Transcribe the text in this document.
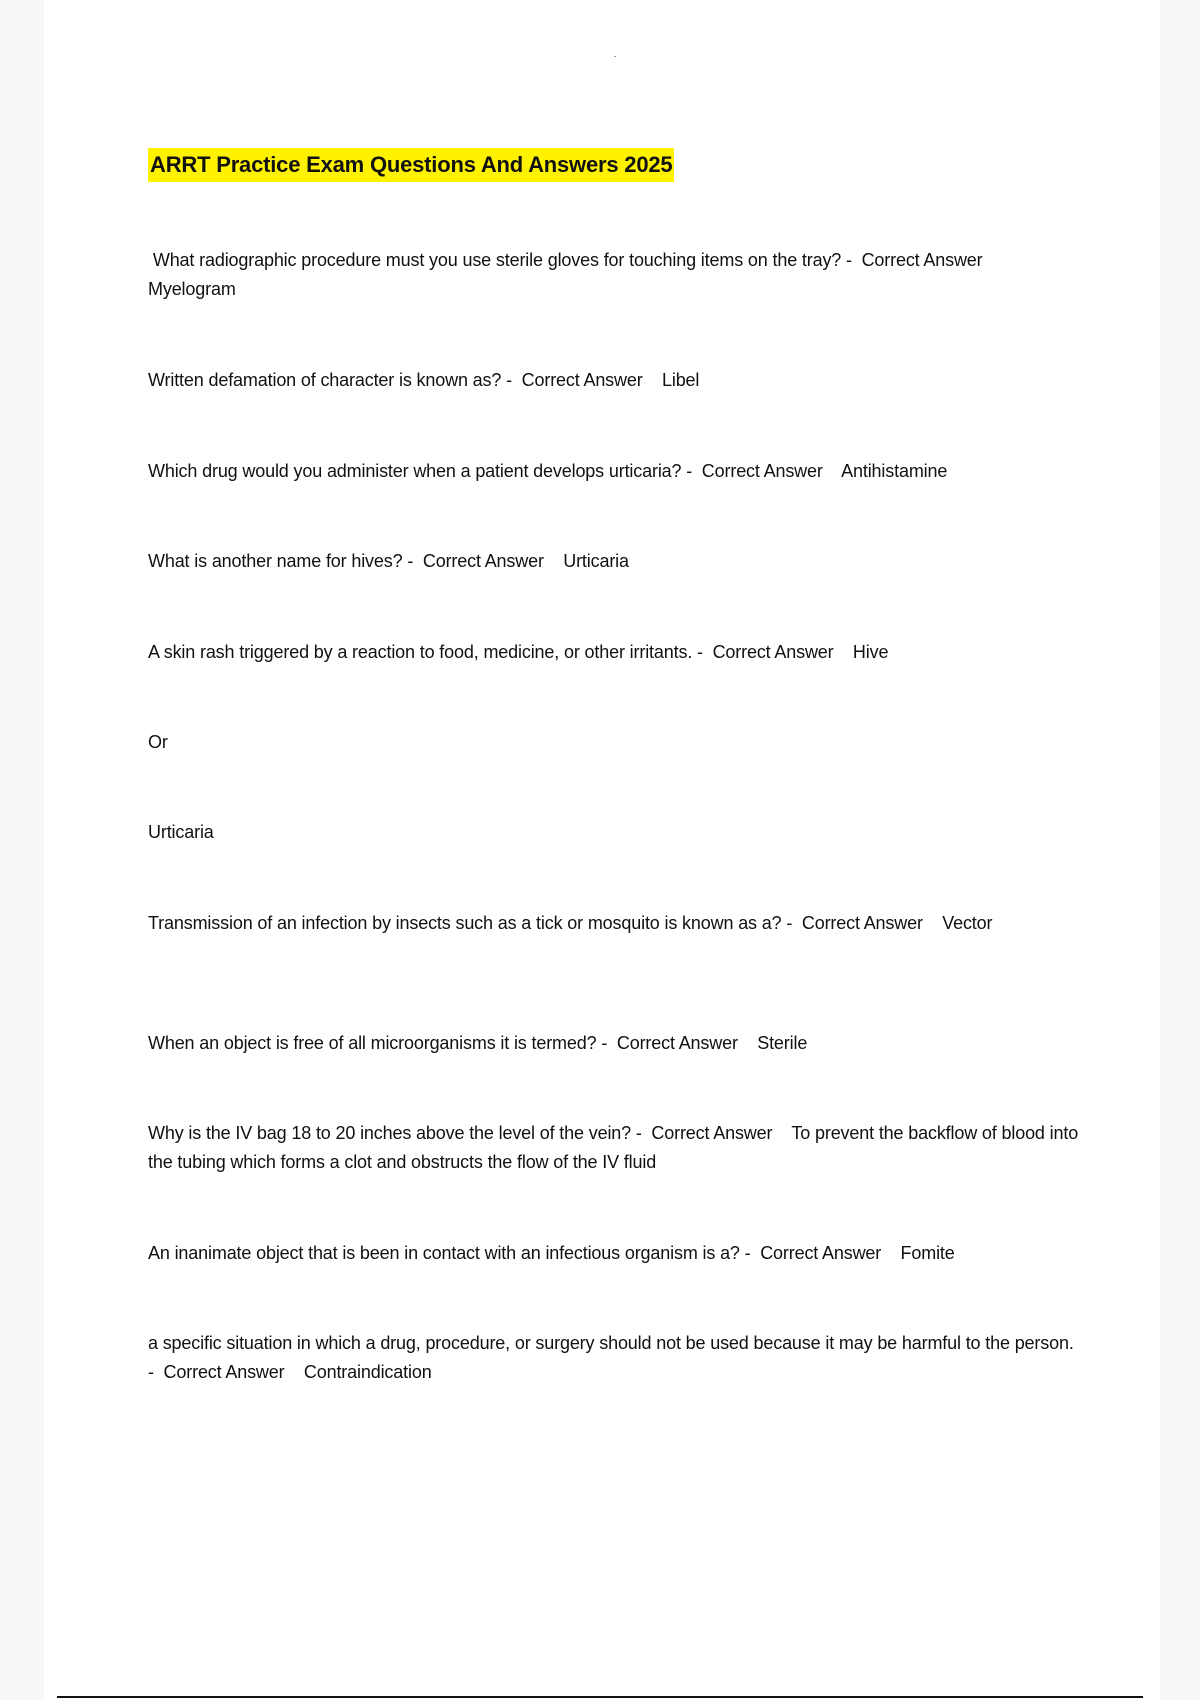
ARRT Practice Exam Questions And Answers 2025

What radiographic procedure must you use sterile gloves for touching items on the tray? -  Correct Answer    Myelogram

Written defamation of character is known as? -  Correct Answer    Libel

Which drug would you administer when a patient develops urticaria? -  Correct Answer    Antihistamine

What is another name for hives? -  Correct Answer    Urticaria

A skin rash triggered by a reaction to food, medicine, or other irritants. -  Correct Answer    Hive

Or

Urticaria

Transmission of an infection by insects such as a tick or mosquito is known as a? -  Correct Answer    Vector

When an object is free of all microorganisms it is termed? -  Correct Answer    Sterile

Why is the IV bag 18 to 20 inches above the level of the vein? -  Correct Answer    To prevent the backflow of blood into the tubing which forms a clot and obstructs the flow of the IV fluid

An inanimate object that is been in contact with an infectious organism is a? -  Correct Answer    Fomite

a specific situation in which a drug, procedure, or surgery should not be used because it may be harmful to the person. -  Correct Answer    Contraindication
